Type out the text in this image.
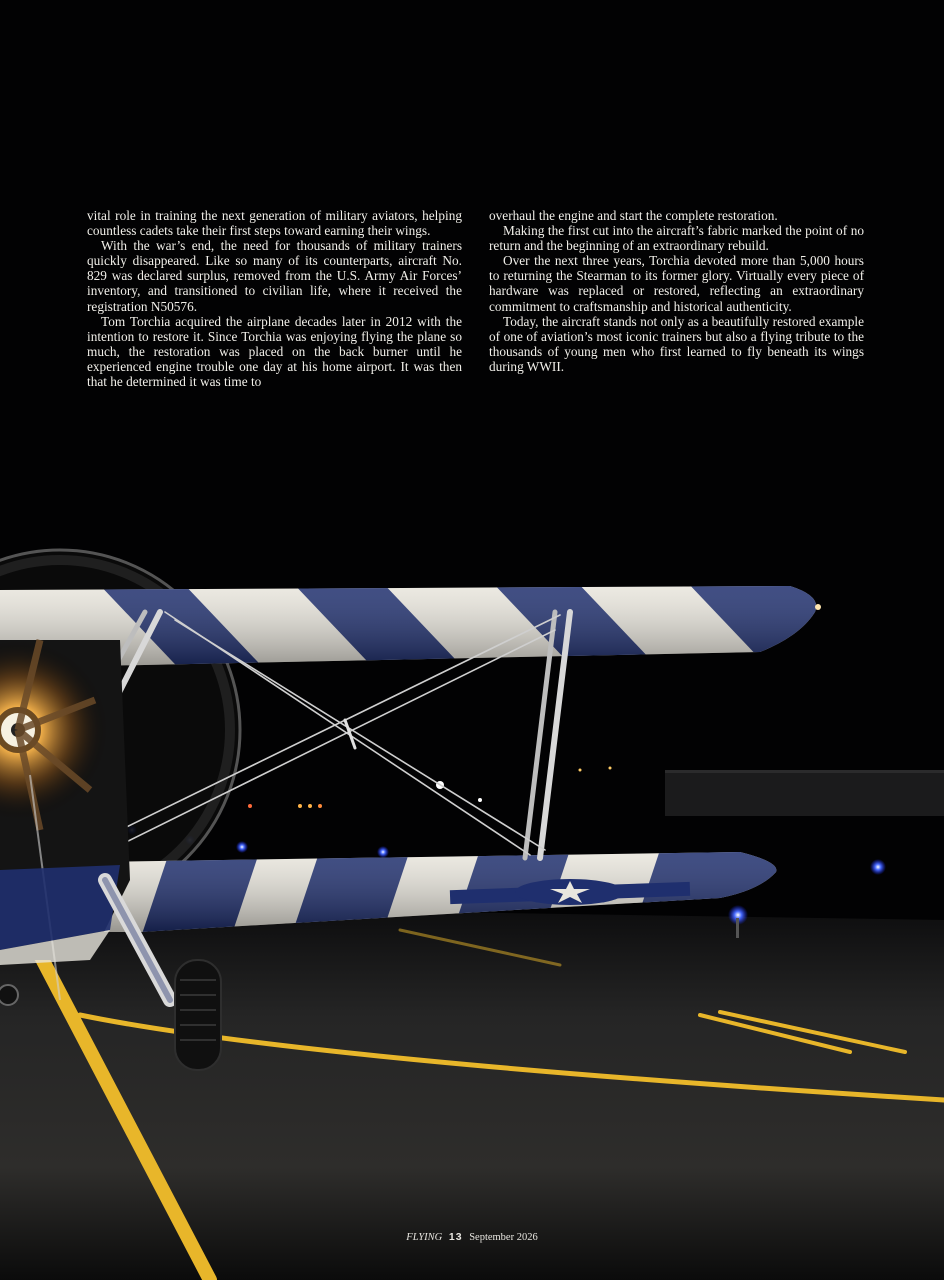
vital role in training the next generation of military aviators, helping countless cadets take their first steps toward earning their wings.

With the war’s end, the need for thousands of military trainers quickly disappeared. Like so many of its counterparts, aircraft No. 829 was declared surplus, removed from the U.S. Army Air Forces’ inventory, and transitioned to civilian life, where it received the registration N50576.

Tom Torchia acquired the airplane decades later in 2012 with the intention to restore it. Since Torchia was enjoying flying the plane so much, the restoration was placed on the back burner until he experienced engine trouble one day at his home airport. It was then that he determined it was time to

overhaul the engine and start the complete restoration.

Making the first cut into the aircraft’s fabric marked the point of no return and the beginning of an extraordinary rebuild.

Over the next three years, Torchia devoted more than 5,000 hours to returning the Stearman to its former glory. Virtually every piece of hardware was replaced or restored, reflecting an extraordinary commitment to craftsmanship and historical authenticity.

Today, the aircraft stands not only as a beautifully restored example of one of aviation’s most iconic trainers but also a flying tribute to the thousands of young men who first learned to fly beneath its wings during WWII.

FLYING 13 September 2026
